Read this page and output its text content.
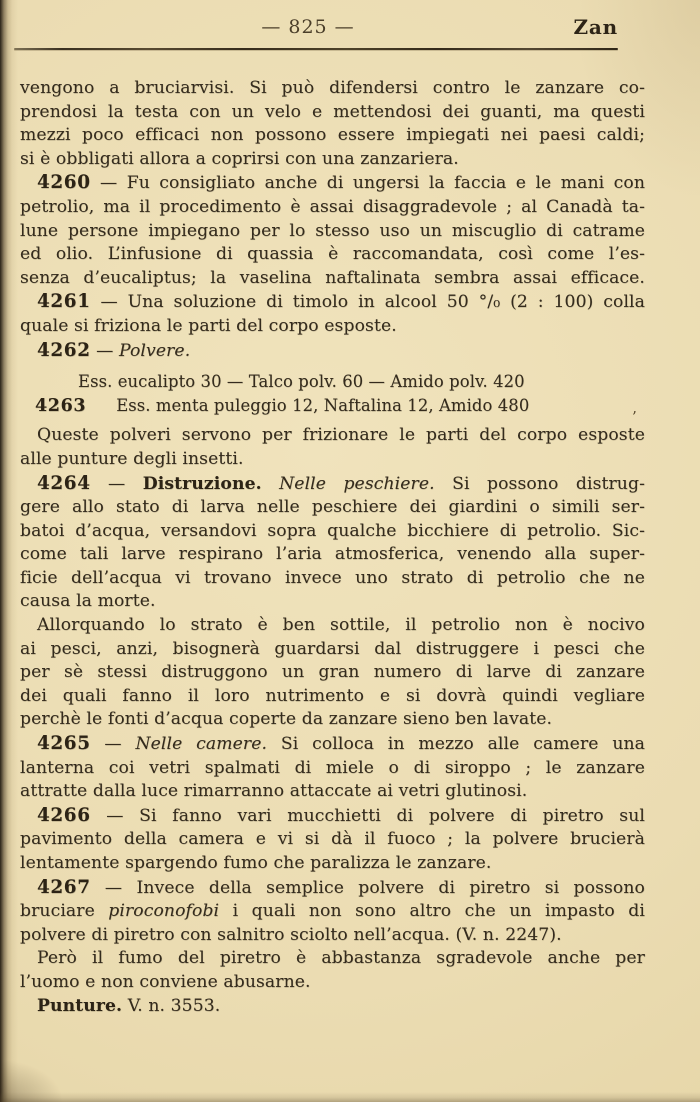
— 825 —	Zan
vengono a bruciarvisi. Si può difendersi contro le zanzare co-
prendosi la testa con un velo e mettendosi dei guanti, ma questi
mezzi poco efficaci non possono essere impiegati nei paesi caldi;
si è obbligati allora a coprirsi con una zanzariera.
4260 — Fu consigliato anche di ungersi la faccia e le mani con
petrolio, ma il procedimento è assai disaggradevole ; al Canadà ta-
lune persone impiegano per lo stesso uso un miscuglio di catrame
ed olio. L’infusione di quassia è raccomandata, così come l’es-
senza d’eucaliptus; la vaselina naftalinata sembra assai efficace.
4261 — Una soluzione di timolo in alcool 50 °/₀ (2 : 100) colla
quale si friziona le parti del corpo esposte.
4262 — Polvere.
Ess. eucalipto 30 — Talco polv. 60 — Amido polv. 420
4263 Ess. menta puleggio 12, Naftalina 12, Amido 480
Queste polveri servono per frizionare le parti del corpo esposte
alle punture degli insetti.
4264 — Distruzione. Nelle peschiere. Si possono distrug-
gere allo stato di larva nelle peschiere dei giardini o simili ser-
batoi d’acqua, versandovi sopra qualche bicchiere di petrolio. Sic-
come tali larve respirano l’aria atmosferica, venendo alla super-
ficie dell’acqua vi trovano invece uno strato di petrolio che ne
causa la morte.
Allorquando lo strato è ben sottile, il petrolio non è nocivo
ai pesci, anzi, bisognerà guardarsi dal distruggere i pesci che
per sè stessi distruggono un gran numero di larve di zanzare
dei quali fanno il loro nutrimento e si dovrà quindi vegliare
perchè le fonti d’acqua coperte da zanzare sieno ben lavate.
4265 — Nelle camere. Si colloca in mezzo alle camere una
lanterna coi vetri spalmati di miele o di siroppo ; le zanzare
attratte dalla luce rimarranno attaccate ai vetri glutinosi.
4266 — Si fanno vari mucchietti di polvere di piretro sul
pavimento della camera e vi si dà il fuoco ; la polvere brucierà
lentamente spargendo fumo che paralizza le zanzare.
4267 — Invece della semplice polvere di piretro si possono
bruciare piroconofobi i quali non sono altro che un impasto di
polvere di piretro con salnitro sciolto nell’acqua. (V. n. 2247).
Però il fumo del piretro è abbastanza sgradevole anche per
l’uomo e non conviene abusarne.
Punture. V. n. 3553.
’
